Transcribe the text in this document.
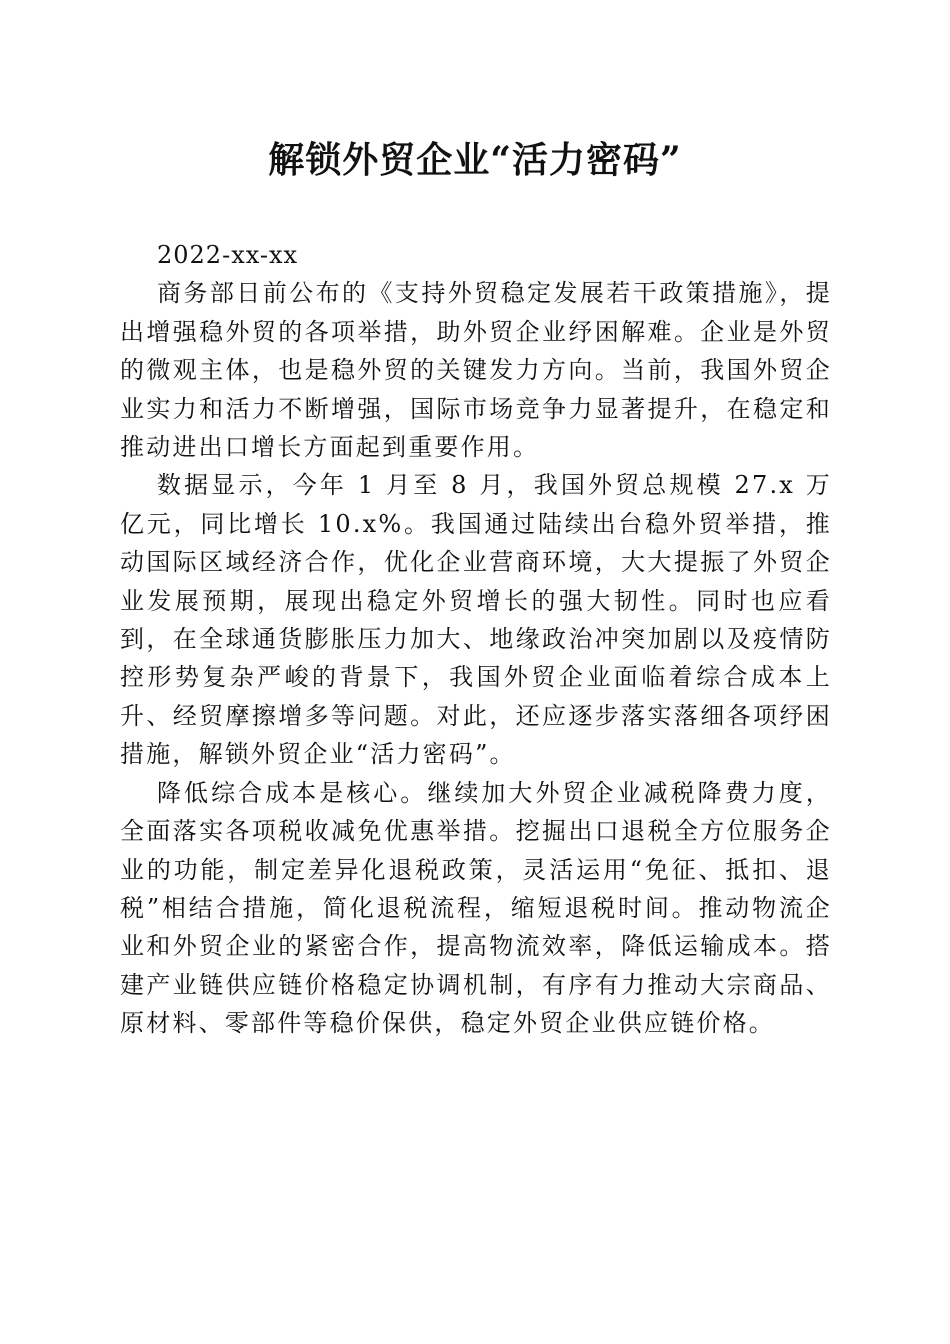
解锁外贸企业“活力密码”

2022-xx-xx

商务部日前公布的《支持外贸稳定发展若干政策措施》，提出增强稳外贸的各项举措，助外贸企业纾困解难。企业是外贸的微观主体，也是稳外贸的关键发力方向。当前，我国外贸企业实力和活力不断增强，国际市场竞争力显著提升，在稳定和推动进出口增长方面起到重要作用。

数据显示，今年 1 月至 8 月，我国外贸总规模 27.x 万亿元，同比增长 10.x%。我国通过陆续出台稳外贸举措，推动国际区域经济合作，优化企业营商环境，大大提振了外贸企业发展预期，展现出稳定外贸增长的强大韧性。同时也应看到，在全球通货膨胀压力加大、地缘政治冲突加剧以及疫情防控形势复杂严峻的背景下，我国外贸企业面临着综合成本上升、经贸摩擦增多等问题。对此，还应逐步落实落细各项纾困措施，解锁外贸企业“活力密码”。

降低综合成本是核心。继续加大外贸企业减税降费力度，全面落实各项税收减免优惠举措。挖掘出口退税全方位服务企业的功能，制定差异化退税政策，灵活运用“免征、抵扣、退税”相结合措施，简化退税流程，缩短退税时间。推动物流企业和外贸企业的紧密合作，提高物流效率，降低运输成本。搭建产业链供应链价格稳定协调机制，有序有力推动大宗商品、原材料、零部件等稳价保供，稳定外贸企业供应链价格。
